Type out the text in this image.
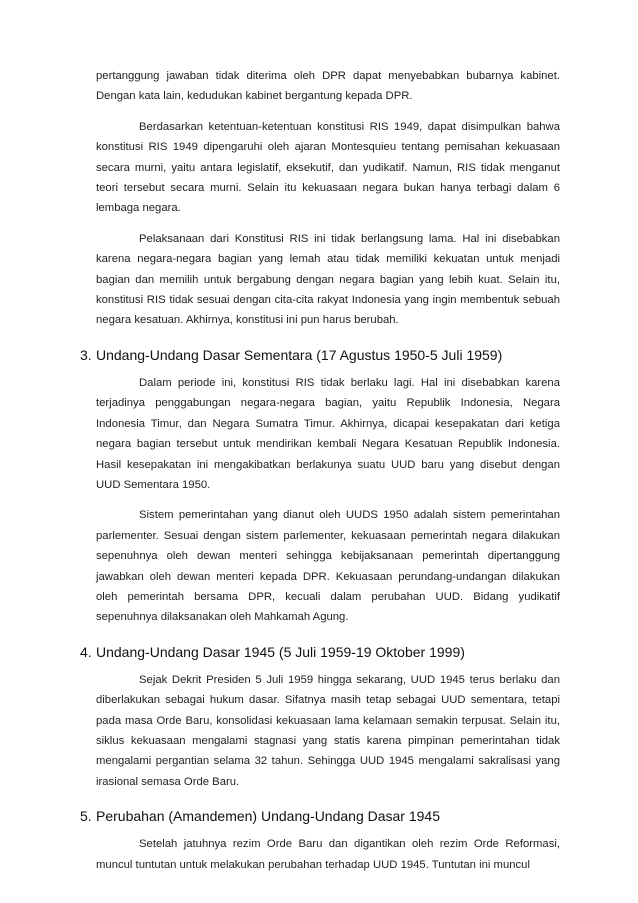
pertanggung jawaban tidak diterima oleh DPR dapat menyebabkan bubarnya kabinet. Dengan kata lain, kedudukan kabinet bergantung kepada DPR.

Berdasarkan ketentuan-ketentuan konstitusi RIS 1949, dapat disimpulkan bahwa konstitusi RIS 1949 dipengaruhi oleh ajaran Montesquieu tentang pemisahan kekuasaan secara murni, yaitu antara legislatif, eksekutif, dan yudikatif. Namun, RIS tidak menganut teori tersebut secara murni. Selain itu kekuasaan negara bukan hanya terbagi dalam 6 lembaga negara.

Pelaksanaan dari Konstitusi RIS ini tidak berlangsung lama. Hal ini disebabkan karena negara-negara bagian yang lemah atau tidak memiliki kekuatan untuk menjadi bagian dan memilih untuk bergabung dengan negara bagian yang lebih kuat. Selain itu, konstitusi RIS tidak sesuai dengan cita-cita rakyat Indonesia yang ingin membentuk sebuah negara kesatuan. Akhirnya, konstitusi ini pun harus berubah.

3. Undang-Undang Dasar Sementara (17 Agustus 1950-5 Juli 1959)

Dalam periode ini, konstitusi RIS tidak berlaku lagi. Hal ini disebabkan karena terjadinya penggabungan negara-negara bagian, yaitu Republik Indonesia, Negara Indonesia Timur, dan Negara Sumatra Timur. Akhirnya, dicapai kesepakatan dari ketiga negara bagian tersebut untuk mendirikan kembali Negara Kesatuan Republik Indonesia. Hasil kesepakatan ini mengakibatkan berlakunya suatu UUD baru yang disebut dengan UUD Sementara 1950.

Sistem pemerintahan yang dianut oleh UUDS 1950 adalah sistem pemerintahan parlementer. Sesuai dengan sistem parlementer, kekuasaan pemerintah negara dilakukan sepenuhnya oleh dewan menteri sehingga kebijaksanaan pemerintah dipertanggung jawabkan oleh dewan menteri kepada DPR. Kekuasaan perundang-undangan dilakukan oleh pemerintah bersama DPR, kecuali dalam perubahan UUD. Bidang yudikatif sepenuhnya dilaksanakan oleh Mahkamah Agung.

4. Undang-Undang Dasar 1945 (5 Juli 1959-19 Oktober 1999)

Sejak Dekrit Presiden 5 Juli 1959 hingga sekarang, UUD 1945 terus berlaku dan diberlakukan sebagai hukum dasar. Sifatnya masih tetap sebagai UUD sementara, tetapi pada masa Orde Baru, konsolidasi kekuasaan lama kelamaan semakin terpusat. Selain itu, siklus kekuasaan mengalami stagnasi yang statis karena pimpinan pemerintahan tidak mengalami pergantian selama 32 tahun. Sehingga UUD 1945 mengalami sakralisasi yang irasional semasa Orde Baru.

5. Perubahan (Amandemen) Undang-Undang Dasar 1945

Setelah jatuhnya rezim Orde Baru dan digantikan oleh rezim Orde Reformasi, muncul tuntutan untuk melakukan perubahan terhadap UUD 1945. Tuntutan ini muncul
